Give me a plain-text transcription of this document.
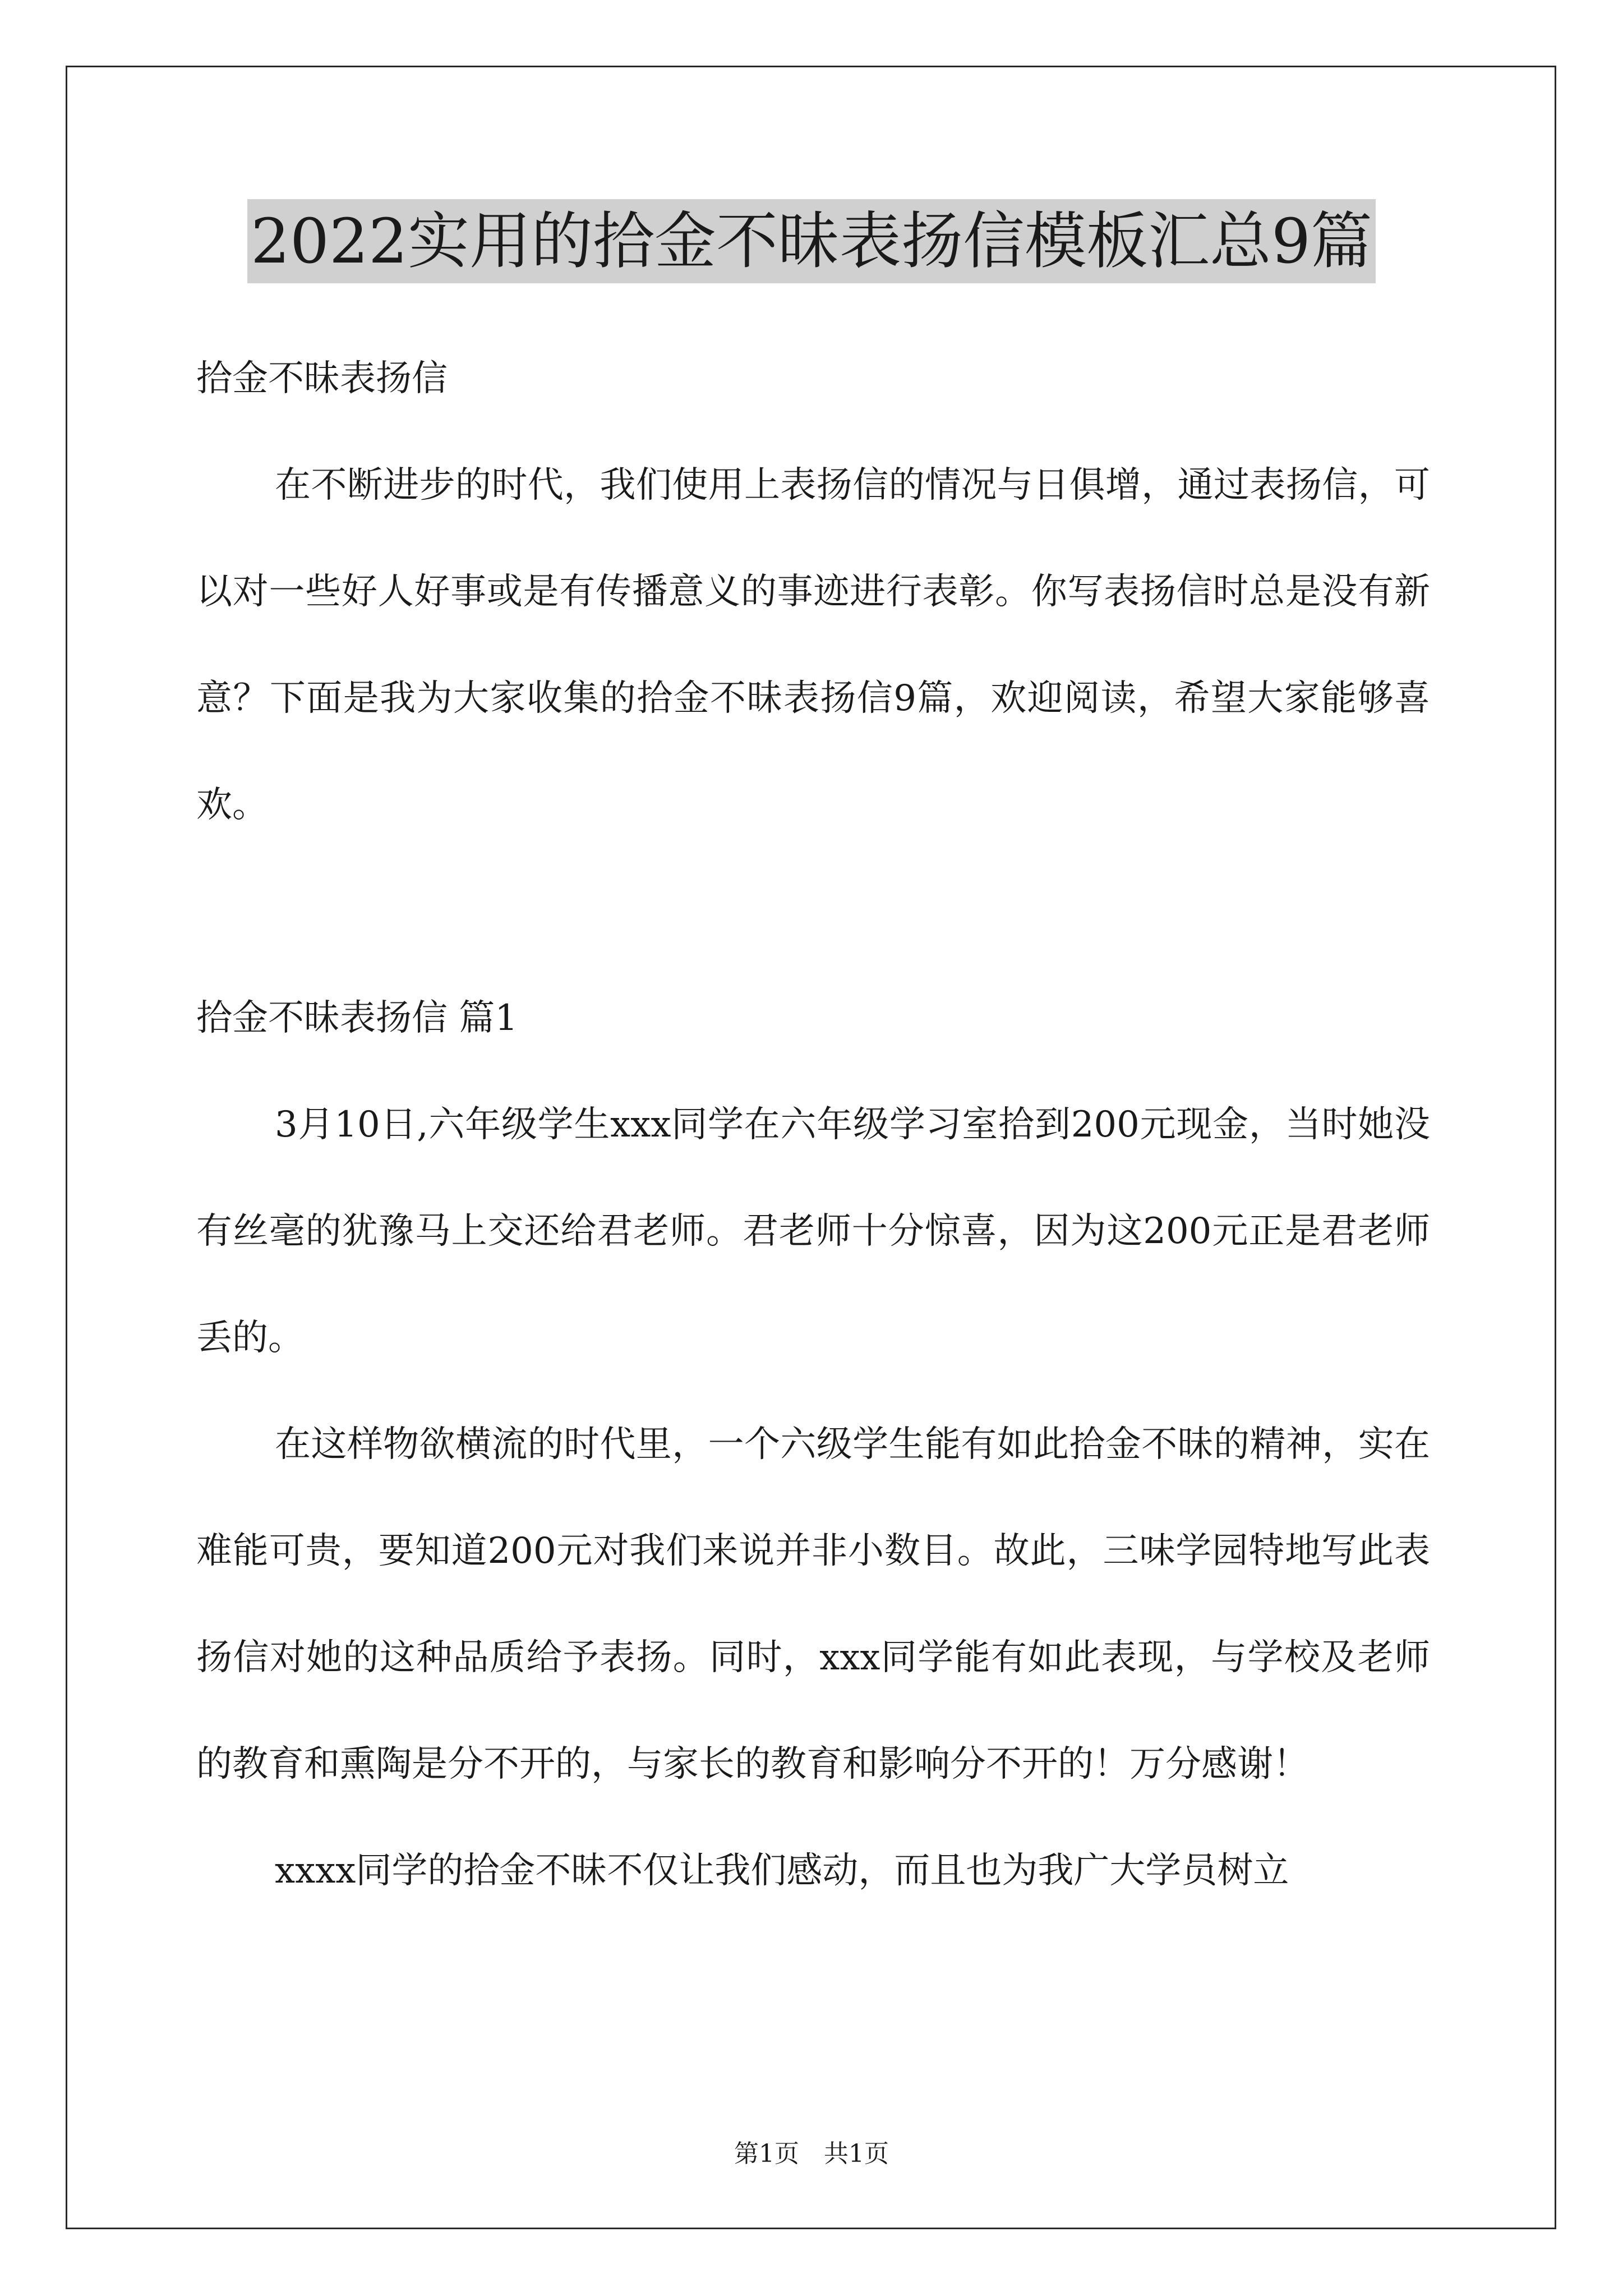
2022实用的拾金不昧表扬信模板汇总9篇

拾金不昧表扬信

在不断进步的时代，我们使用上表扬信的情况与日俱增，通过表扬信，可以对一些好人好事或是有传播意义的事迹进行表彰。你写表扬信时总是没有新意？下面是我为大家收集的拾金不昧表扬信9篇，欢迎阅读，希望大家能够喜欢。

拾金不昧表扬信 篇1

3月10日,六年级学生xxx同学在六年级学习室拾到200元现金，当时她没有丝毫的犹豫马上交还给君老师。君老师十分惊喜，因为这200元正是君老师丢的。

在这样物欲横流的时代里，一个六级学生能有如此拾金不昧的精神，实在难能可贵，要知道200元对我们来说并非小数目。故此，三味学园特地写此表扬信对她的这种品质给予表扬。同时，xxx同学能有如此表现，与学校及老师的教育和熏陶是分不开的，与家长的教育和影响分不开的！万分感谢！

xxxx同学的拾金不昧不仅让我们感动，而且也为我广大学员树立

第1页　共1页
